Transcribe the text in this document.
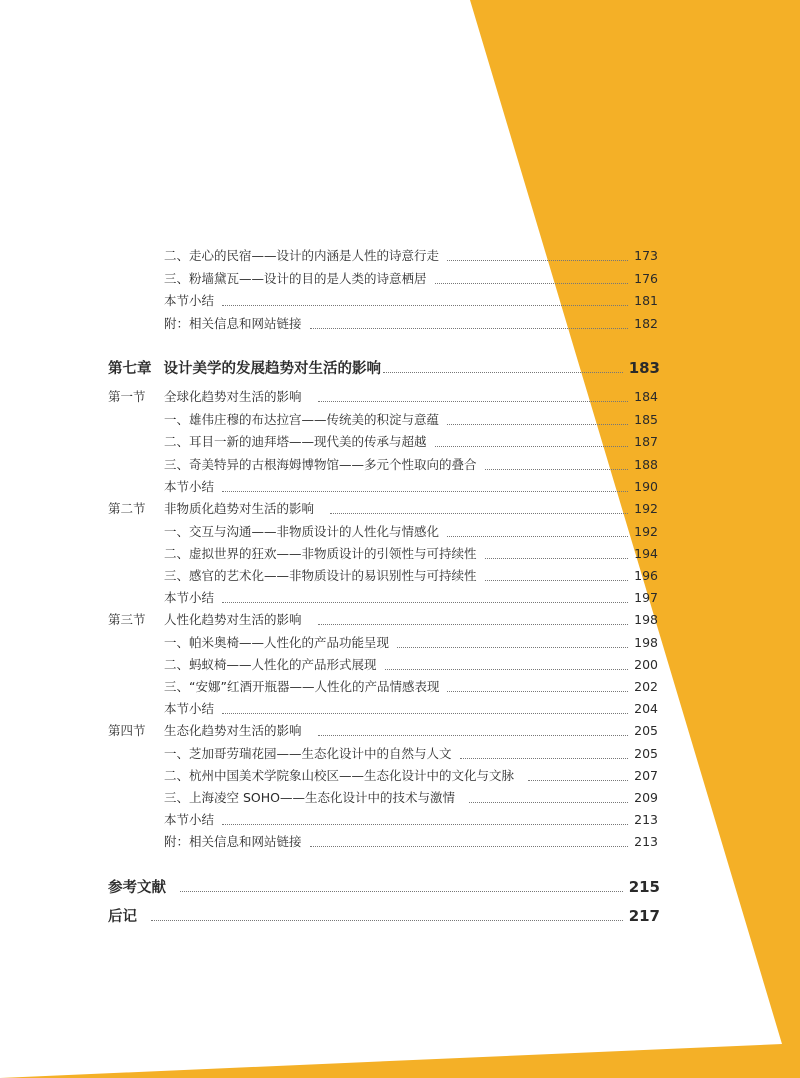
二、走心的民宿——设计的内涵是人性的诗意行走	173
三、粉墙黛瓦——设计的目的是人类的诗意栖居	176
本节小结	181
附：相关信息和网站链接	182
第七章 设计美学的发展趋势对生活的影响	183
第一节	全球化趋势对生活的影响	184
一、雄伟庄穆的布达拉宫——传统美的积淀与意蕴	185
二、耳目一新的迪拜塔——现代美的传承与超越	187
三、奇美特异的古根海姆博物馆——多元个性取向的叠合	188
本节小结	190
第二节	非物质化趋势对生活的影响	192
一、交互与沟通——非物质设计的人性化与情感化	192
二、虚拟世界的狂欢——非物质设计的引领性与可持续性	194
三、感官的艺术化——非物质设计的易识别性与可持续性	196
本节小结	197
第三节	人性化趋势对生活的影响	198
一、帕米奥椅——人性化的产品功能呈现	198
二、蚂蚁椅——人性化的产品形式展现	200
三、“安娜”红酒开瓶器——人性化的产品情感表现	202
本节小结	204
第四节	生态化趋势对生活的影响	205
一、芝加哥劳瑞花园——生态化设计中的自然与人文	205
二、杭州中国美术学院象山校区——生态化设计中的文化与文脉	207
三、上海凌空 SOHO——生态化设计中的技术与激情	209
本节小结	213
附：相关信息和网站链接	213
参考文献	215
后记	217
